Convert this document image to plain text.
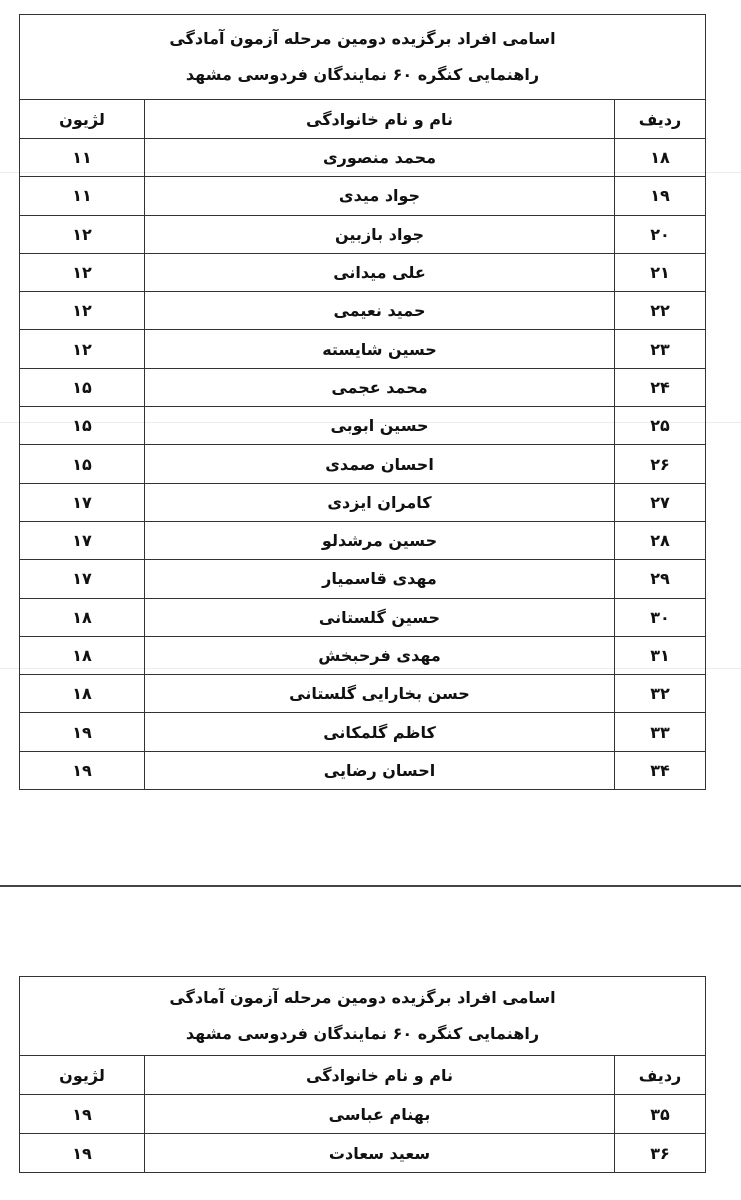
اسامی افراد برگزیده دومین مرحله آزمون آمادگی
راهنمایی کنگره ۶۰ نمایندگان فردوسی مشهد		

ردیف	نام و نام خانوادگی	لژیون
۱۸	محمد منصوری	۱۱
۱۹	جواد میدی	۱۱
۲۰	جواد بازبین	۱۲
۲۱	علی میدانی	۱۲
۲۲	حمید نعیمی	۱۲
۲۳	حسین شایسته	۱۲
۲۴	محمد عجمی	۱۵
۲۵	حسین ابوبی	۱۵
۲۶	احسان صمدی	۱۵
۲۷	کامران ایزدی	۱۷
۲۸	حسین مرشدلو	۱۷
۲۹	مهدی قاسمیار	۱۷
۳۰	حسین گلستانی	۱۸
۳۱	مهدی فرحبخش	۱۸
۳۲	حسن بخارایی گلستانی	۱۸
۳۳	کاظم گلمکانی	۱۹
۳۴	احسان رضایی	۱۹
اسامی افراد برگزیده دومین مرحله آزمون آمادگی
راهنمایی کنگره ۶۰ نمایندگان فردوسی مشهد		

ردیف	نام و نام خانوادگی	لژیون
۳۵	بهنام عباسی	۱۹
۳۶	سعید سعادت	۱۹
